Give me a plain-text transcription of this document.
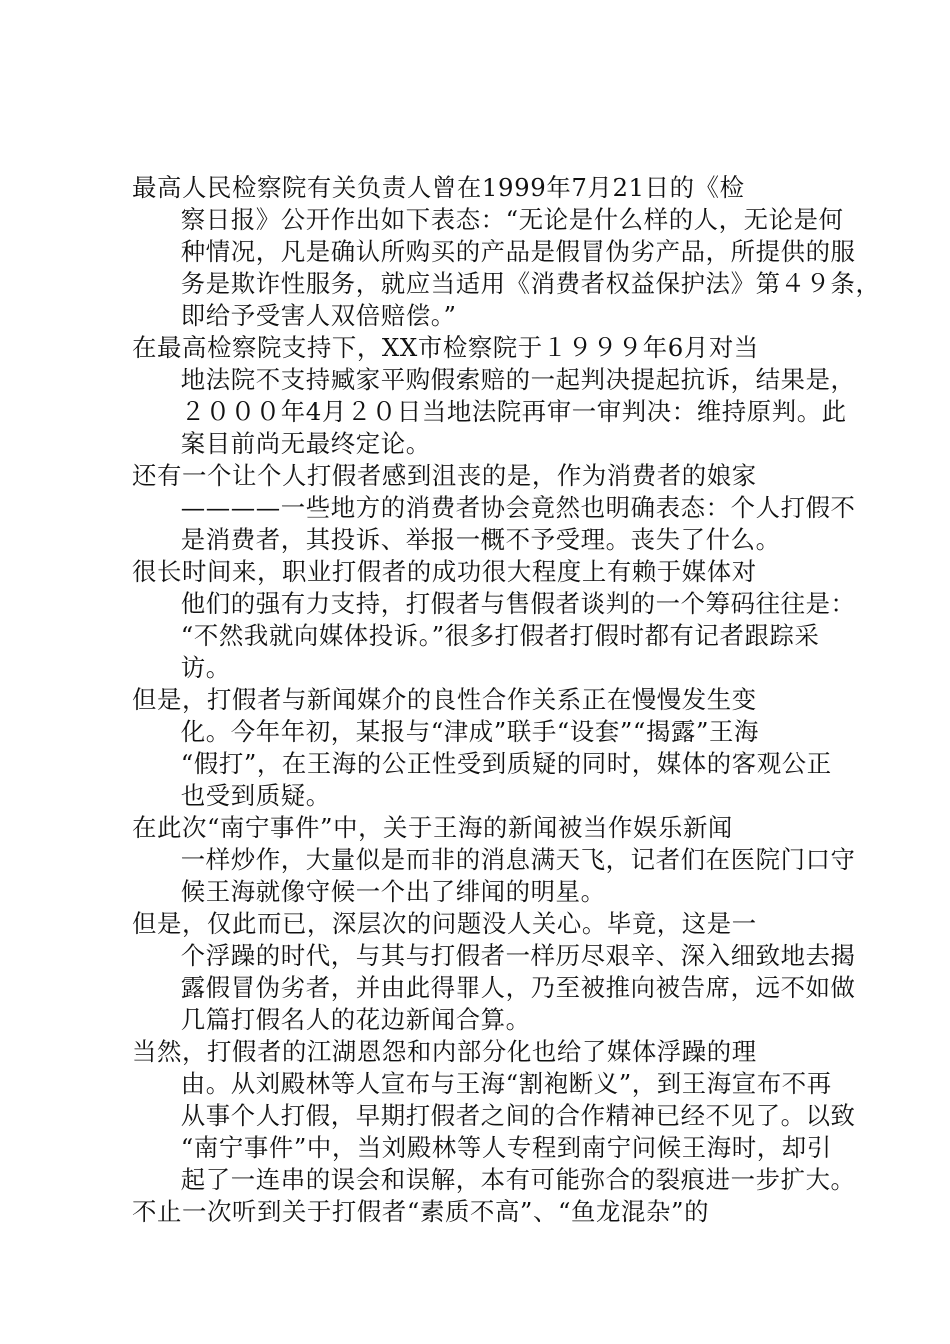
最高人民检察院有关负责人曾在1999年7月21日的《检
察日报》公开作出如下表态：“无论是什么样的人，无论是何
种情况，凡是确认所购买的产品是假冒伪劣产品，所提供的服
务是欺诈性服务，就应当适用《消费者权益保护法》第４９条，
即给予受害人双倍赔偿。”

在最高检察院支持下，XX市检察院于１９９９年6月对当
地法院不支持臧家平购假索赔的一起判决提起抗诉，结果是，
２０００年4月２０日当地法院再审一审判决：维持原判。此
案目前尚无最终定论。

还有一个让个人打假者感到沮丧的是，作为消费者的娘家
————一些地方的消费者协会竟然也明确表态：个人打假不
是消费者，其投诉、举报一概不予受理。丧失了什么。

很长时间来，职业打假者的成功很大程度上有赖于媒体对
他们的强有力支持，打假者与售假者谈判的一个筹码往往是：
“不然我就向媒体投诉。”很多打假者打假时都有记者跟踪采
访。

但是，打假者与新闻媒介的良性合作关系正在慢慢发生变
化。今年年初，某报与“津成”联手“设套”“揭露”王海
“假打”，在王海的公正性受到质疑的同时，媒体的客观公正
也受到质疑。

在此次“南宁事件”中，关于王海的新闻被当作娱乐新闻
一样炒作，大量似是而非的消息满天飞，记者们在医院门口守
候王海就像守候一个出了绯闻的明星。

但是，仅此而已，深层次的问题没人关心。毕竟，这是一
个浮躁的时代，与其与打假者一样历尽艰辛、深入细致地去揭
露假冒伪劣者，并由此得罪人，乃至被推向被告席，远不如做
几篇打假名人的花边新闻合算。

当然，打假者的江湖恩怨和内部分化也给了媒体浮躁的理
由。从刘殿林等人宣布与王海“割袍断义”，到王海宣布不再
从事个人打假，早期打假者之间的合作精神已经不见了。以致
“南宁事件”中，当刘殿林等人专程到南宁问候王海时，却引
起了一连串的误会和误解，本有可能弥合的裂痕进一步扩大。

不止一次听到关于打假者“素质不高”、“鱼龙混杂”的
